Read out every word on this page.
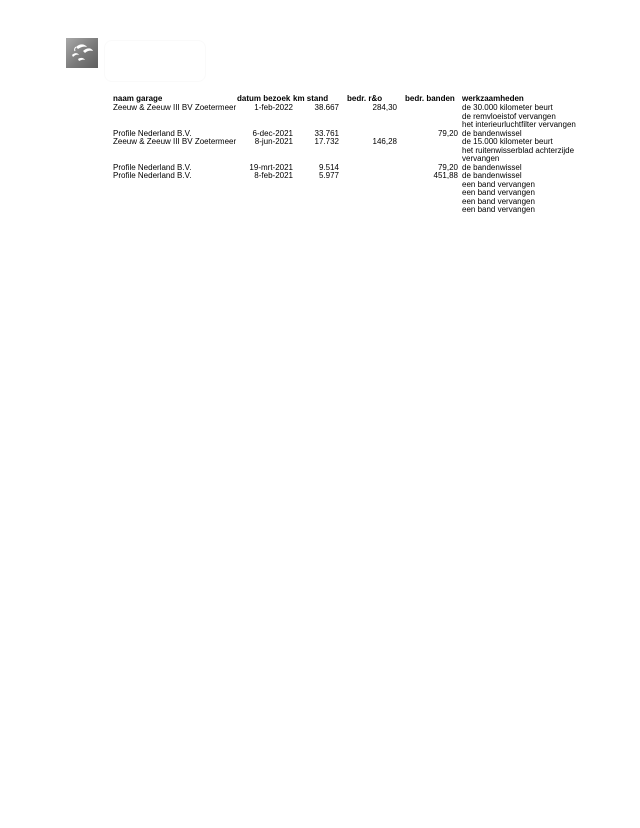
naam garage	datum bezoek	km stand	bedr. r&o	bedr. banden	werkzaamheden
Zeeuw & Zeeuw III BV Zoetermeer	1-feb-2022	38.667	284,30		de 30.000 kilometer beurt
de remvloeistof vervangen
het interieurluchtfilter vervangen

Profile Nederland B.V.	6-dec-2021	33.761		79,20	de bandenwissel

Zeeuw & Zeeuw III BV Zoetermeer	8-jun-2021	17.732	146,28		de 15.000 kilometer beurt
het ruitenwisserblad achterzijde
vervangen

Profile Nederland B.V.	19-mrt-2021	9.514		79,20	de bandenwissel

Profile Nederland B.V.	8-feb-2021	5.977		451,88	de bandenwissel
een band vervangen
een band vervangen
een band vervangen
een band vervangen
